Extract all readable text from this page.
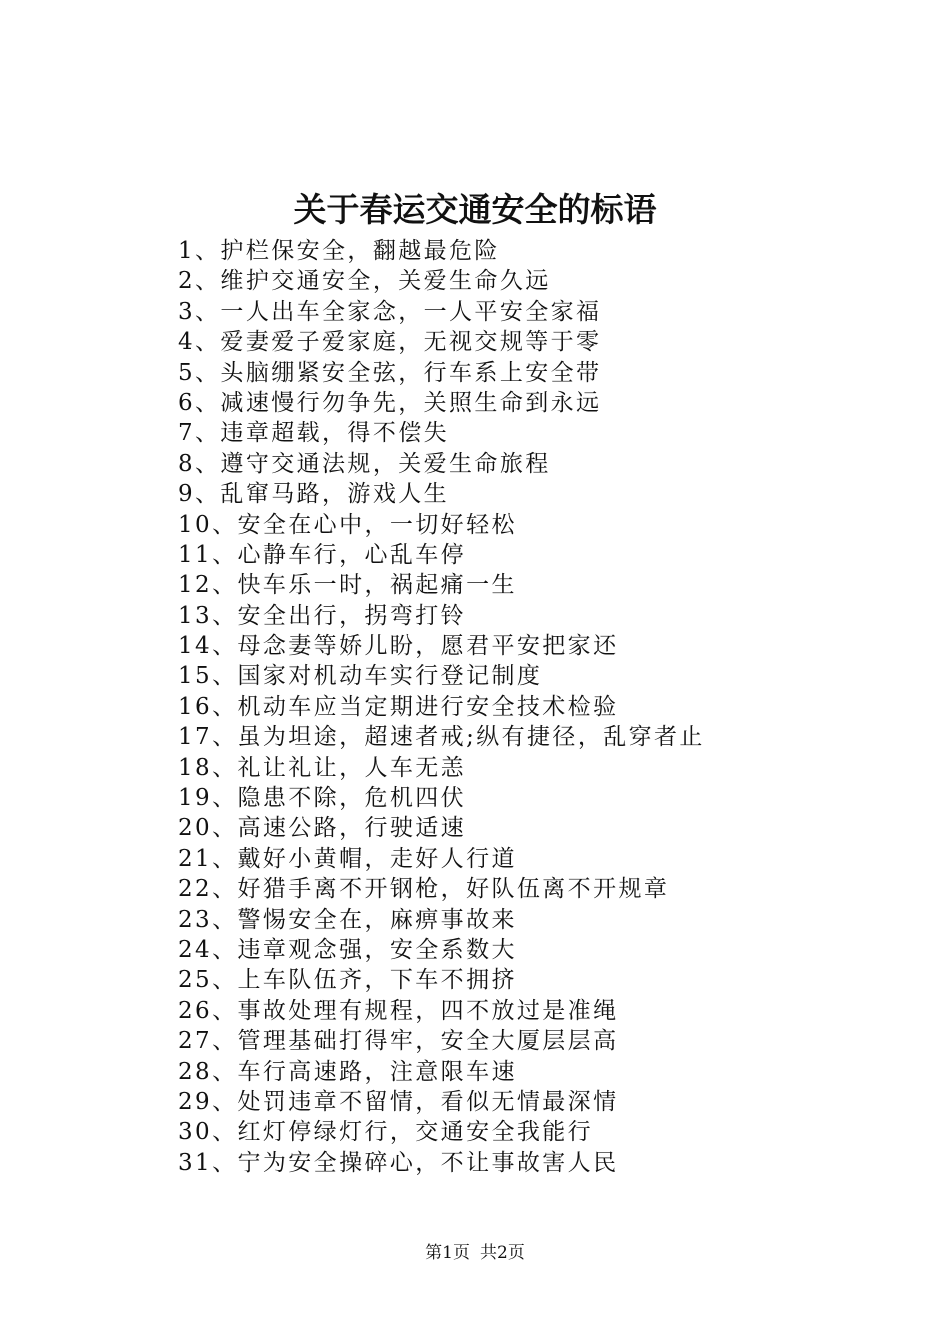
关于春运交通安全的标语
1、护栏保安全，翻越最危险
2、维护交通安全，关爱生命久远
3、一人出车全家念，一人平安全家福
4、爱妻爱子爱家庭，无视交规等于零
5、头脑绷紧安全弦，行车系上安全带
6、减速慢行勿争先，关照生命到永远
7、违章超载，得不偿失
8、遵守交通法规，关爱生命旅程
9、乱窜马路，游戏人生
10、安全在心中，一切好轻松
11、心静车行，心乱车停
12、快车乐一时，祸起痛一生
13、安全出行，拐弯打铃
14、母念妻等娇儿盼，愿君平安把家还
15、国家对机动车实行登记制度
16、机动车应当定期进行安全技术检验
17、虽为坦途，超速者戒;纵有捷径，乱穿者止
18、礼让礼让，人车无恙
19、隐患不除，危机四伏
20、高速公路，行驶适速
21、戴好小黄帽，走好人行道
22、好猎手离不开钢枪，好队伍离不开规章
23、警惕安全在，麻痹事故来
24、违章观念强，安全系数大
25、上车队伍齐，下车不拥挤
26、事故处理有规程，四不放过是准绳
27、管理基础打得牢，安全大厦层层高
28、车行高速路，注意限车速
29、处罚违章不留情，看似无情最深情
30、红灯停绿灯行，交通安全我能行
31、宁为安全操碎心，不让事故害人民
第1页 共2页
